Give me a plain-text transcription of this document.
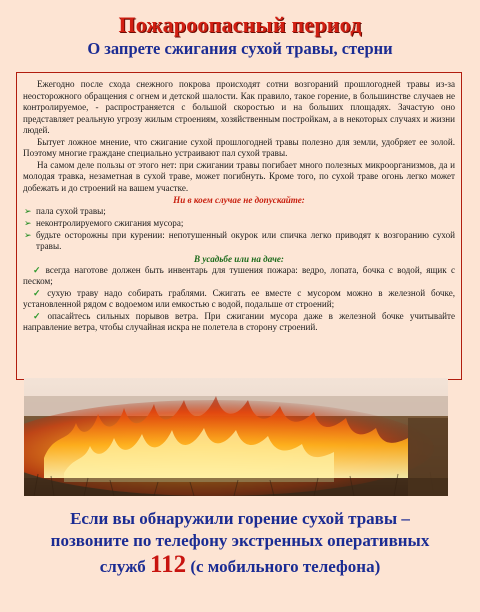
Пожароопасный период
О запрете сжигания сухой травы, стерни

Ежегодно после схода снежного покрова происходят сотни возгораний прошлогодней травы из-за неосторожного обращения с огнем и детской шалости. Как правило, такое горение, в большинстве случаев не контролируемое, - распространяется с большой скоростью и на больших площадях. Зачастую оно представляет реальную угрозу жилым строениям, хозяйственным постройкам, а в некоторых случаях и жизни людей.

Бытует ложное мнение, что сжигание сухой прошлогодней травы полезно для земли, удобряет ее золой. Поэтому многие граждане специально устраивают пал сухой травы.

На самом деле пользы от этого нет: при сжигании травы погибает много полезных микроорганизмов, да и молодая травка, незаметная в сухой траве, может погибнуть. Кроме того, по сухой траве огонь легко может добежать и до строений на вашем участке.

Ни в коем случае не допускайте:
➢ пала сухой травы;
➢ неконтролируемого сжигания мусора;
➢ будьте осторожны при курении: непотушенный окурок или спичка легко приводят к возгоранию сухой травы.
В усадьбе или на даче:
✓ всегда наготове должен быть инвентарь для тушения пожара: ведро, лопата, бочка с водой, ящик с песком;
✓ сухую траву надо собирать граблями. Сжигать ее вместе с мусором можно в железной бочке, установленной рядом с водоемом или емкостью с водой, подальше от строений;
✓ опасайтесь сильных порывов ветра. При сжигании мусора даже в железной бочке учитывайте направление ветра, чтобы случайная искра не полетела в сторону строений.
Если вы обнаружили горение сухой травы –
позвоните по телефону экстренных оперативных
служб 112 (с мобильного телефона)
